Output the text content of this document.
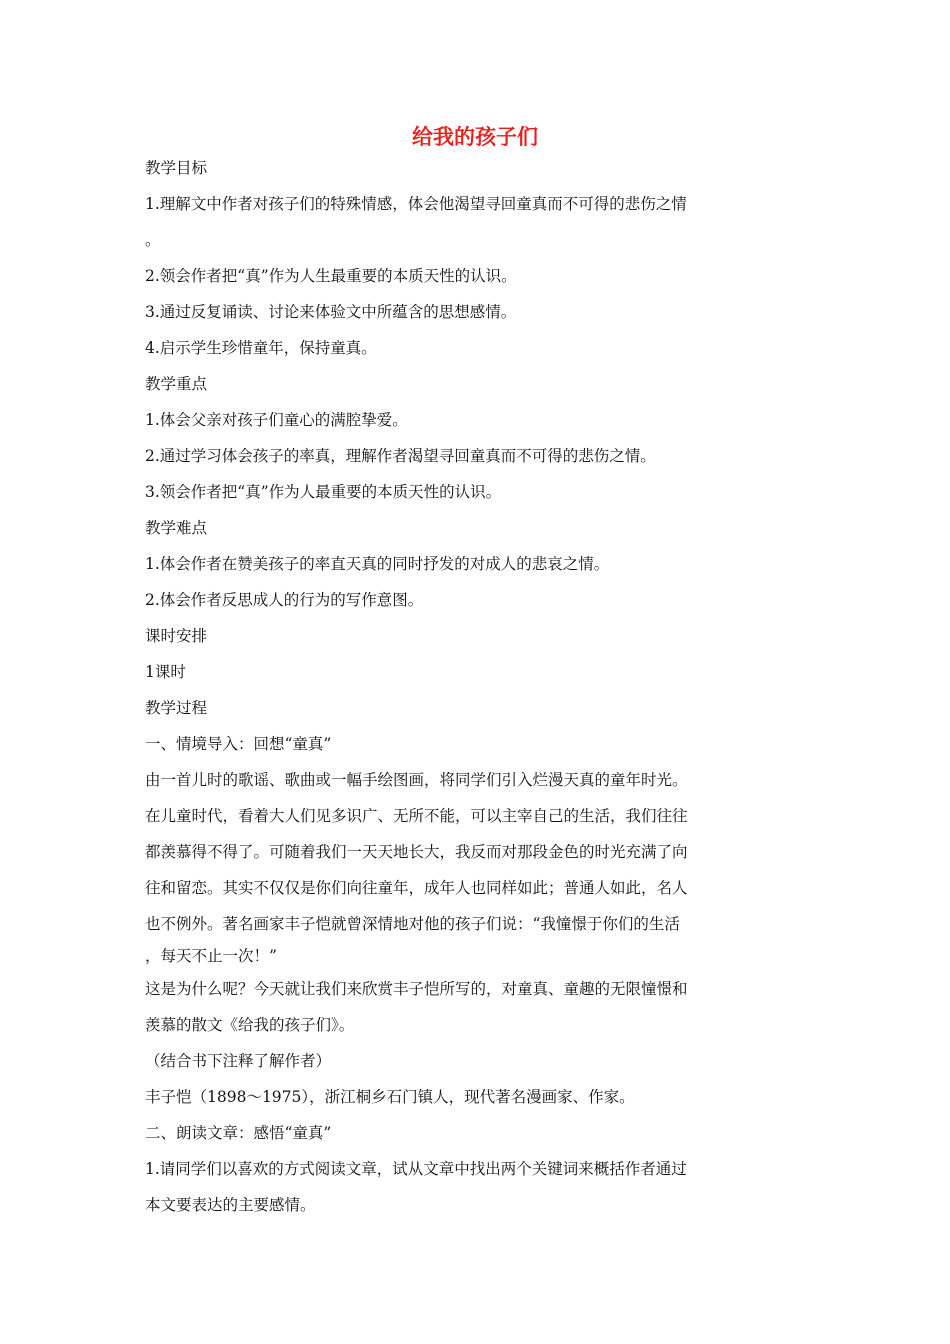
给我的孩子们
教学目标
1.理解文中作者对孩子们的特殊情感，体会他渴望寻回童真而不可得的悲伤之情
。
2.领会作者把“真”作为人生最重要的本质天性的认识。
3.通过反复诵读、讨论来体验文中所蕴含的思想感情。
4.启示学生珍惜童年，保持童真。
教学重点
1.体会父亲对孩子们童心的满腔挚爱。
2.通过学习体会孩子的率真，理解作者渴望寻回童真而不可得的悲伤之情。
3.领会作者把“真”作为人最重要的本质天性的认识。
教学难点
1.体会作者在赞美孩子的率直天真的同时抒发的对成人的悲哀之情。
2.体会作者反思成人的行为的写作意图。
课时安排
1课时
教学过程
一、情境导入：回想“童真”
由一首儿时的歌谣、歌曲或一幅手绘图画，将同学们引入烂漫天真的童年时光。
在儿童时代，看着大人们见多识广、无所不能，可以主宰自己的生活，我们往往
都羡慕得不得了。可随着我们一天天地长大，我反而对那段金色的时光充满了向
往和留恋。其实不仅仅是你们向往童年，成年人也同样如此；普通人如此，名人
也不例外。著名画家丰子恺就曾深情地对他的孩子们说：“我憧憬于你们的生活
，每天不止一次！”
这是为什么呢？今天就让我们来欣赏丰子恺所写的，对童真、童趣的无限憧憬和
羡慕的散文《给我的孩子们》。
（结合书下注释了解作者）
丰子恺（1898～1975），浙江桐乡石门镇人，现代著名漫画家、作家。
二、朗读文章：感悟“童真”
1.请同学们以喜欢的方式阅读文章，试从文章中找出两个关键词来概括作者通过
本文要表达的主要感情。
